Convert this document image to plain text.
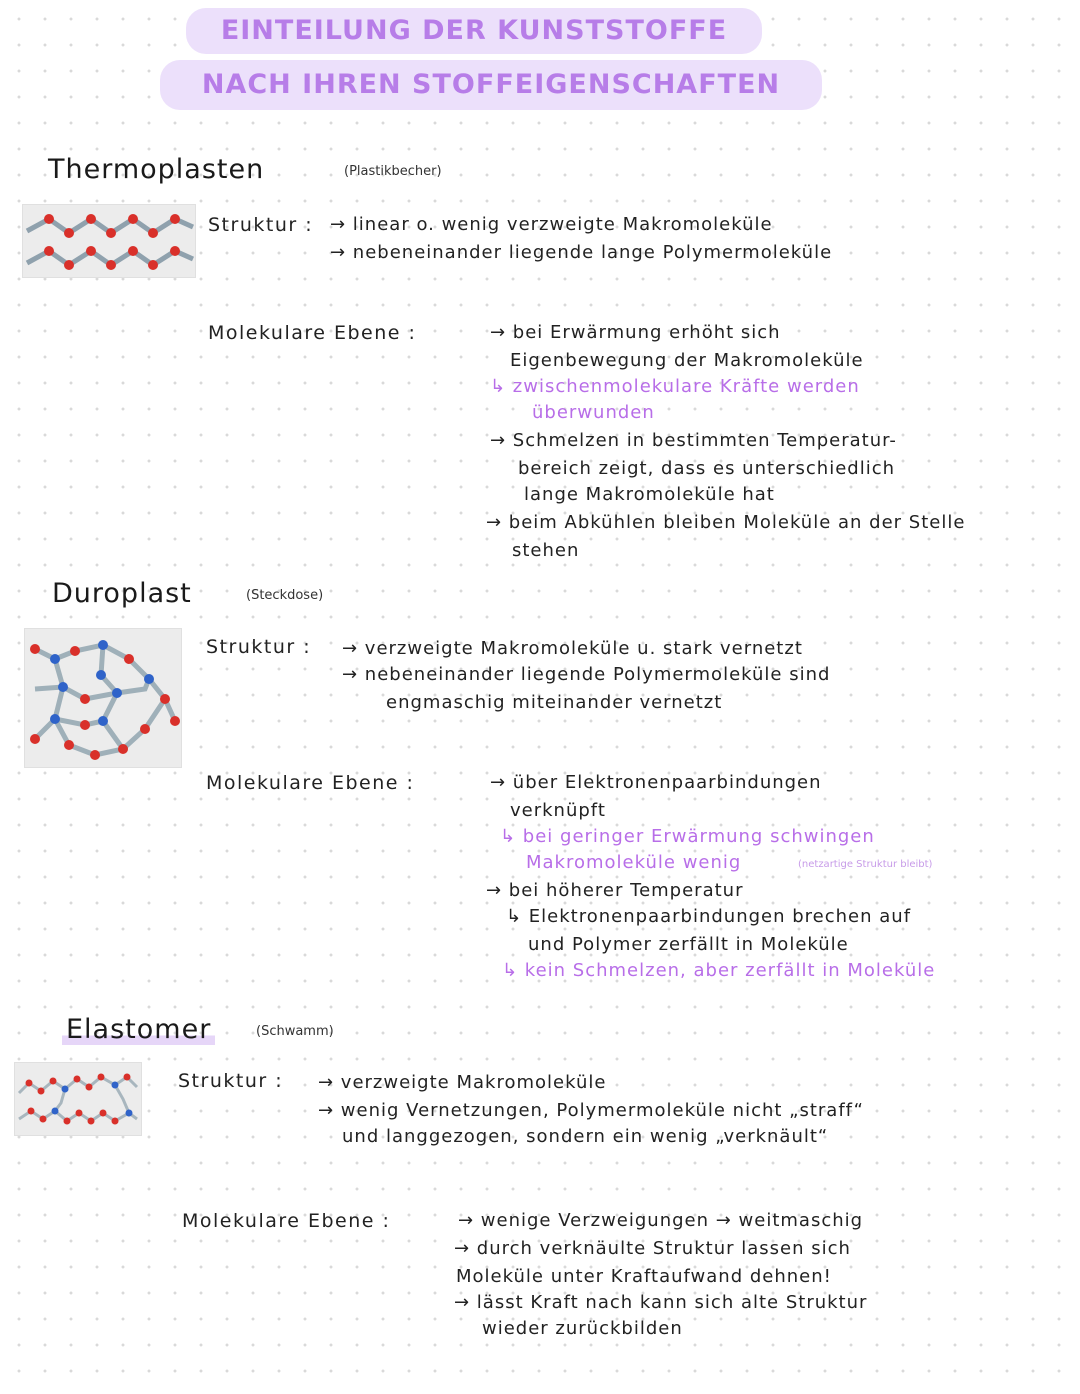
EINTEILUNG DER KUNSTSTOFFE
NACH IHREN STOFFEIGENSCHAFTEN
Thermoplasten	(Plastikbecher)
Struktur : → linear o. wenig verzweigte Makromoleküle
→ nebeneinander liegende lange Polymermoleküle
Molekulare Ebene :	→ bei Erwärmung erhöht sich
Eigenbewegung der Makromoleküle
↳ zwischenmolekulare Kräfte werden
überwunden
→ Schmelzen in bestimmten Temperatur-
bereich zeigt, dass es unterschiedlich
lange Makromoleküle hat
→ beim Abkühlen bleiben Moleküle an der Stelle
stehen
Duroplast	(Steckdose)
Struktur : → verzweigte Makromoleküle u. stark vernetzt
→ nebeneinander liegende Polymermoleküle sind
engmaschig miteinander vernetzt
Molekulare Ebene :	→ über Elektronenpaarbindungen
verknüpft
↳ bei geringer Erwärmung schwingen
Makromoleküle wenig	(netzartige Struktur bleibt)
→ bei höherer Temperatur
↳ Elektronenpaarbindungen brechen auf
und Polymer zerfällt in Moleküle
↳ kein Schmelzen, aber zerfällt in Moleküle
Elastomer	(Schwamm)
Struktur : → verzweigte Makromoleküle
→ wenig Vernetzungen, Polymermoleküle nicht „straff“
und langgezogen, sondern ein wenig „verknäult“
Molekulare Ebene :	→ wenige Verzweigungen → weitmaschig
→ durch verknäulte Struktur lassen sich
Moleküle unter Kraftaufwand dehnen!
→ lässt Kraft nach kann sich alte Struktur
wieder zurückbilden
